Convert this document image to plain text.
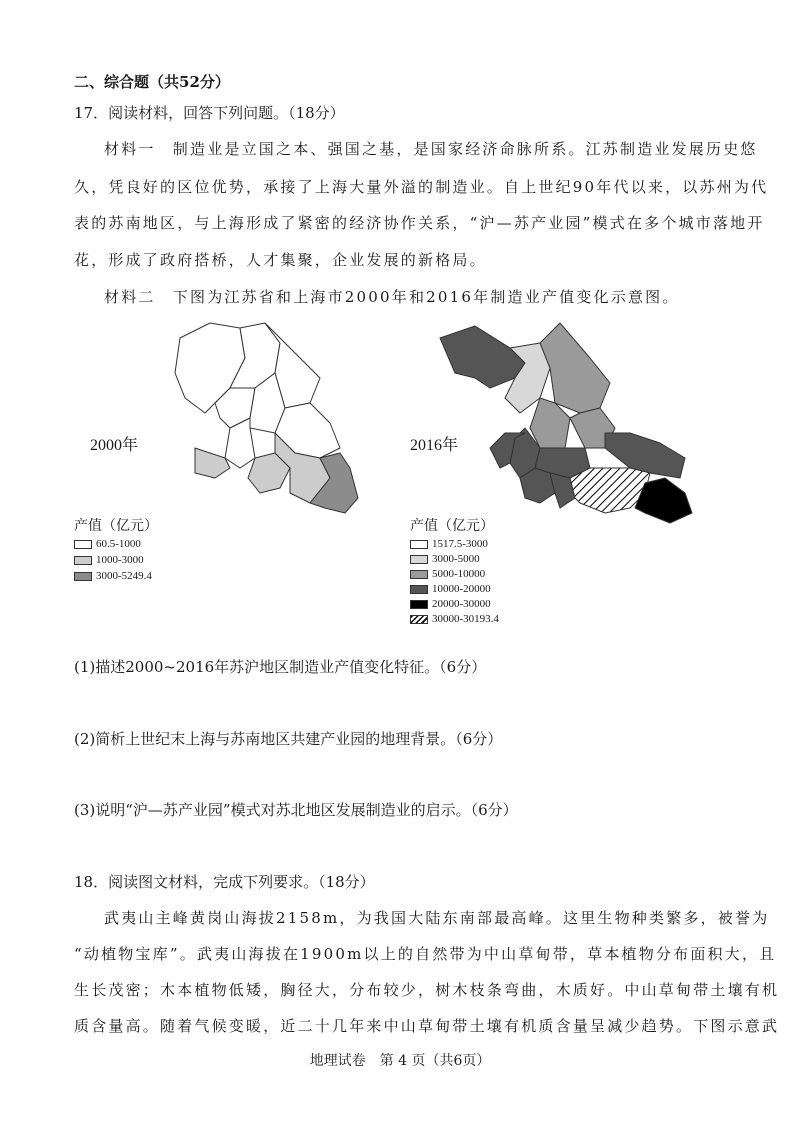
二、综合题（共52分）
17．阅读材料，回答下列问题。（18分）
材料一　制造业是立国之本、强国之基，是国家经济命脉所系。江苏制造业发展历史悠
久，凭良好的区位优势，承接了上海大量外溢的制造业。自上世纪90年代以来，以苏州为代
表的苏南地区，与上海形成了紧密的经济协作关系，“沪—苏产业园”模式在多个城市落地开
花，形成了政府搭桥，人才集聚，企业发展的新格局。
材料二　下图为江苏省和上海市2000年和2016年制造业产值变化示意图。
2000年
产值（亿元）
60.5-1000
1000-3000
3000-5249.4
2016年
产值（亿元）
1517.5-3000
3000-5000
5000-10000
10000-20000
20000-30000
30000-30193.4
(1)描述2000~2016年苏沪地区制造业产值变化特征。（6分）
(2)简析上世纪末上海与苏南地区共建产业园的地理背景。（6分）
(3)说明“沪—苏产业园”模式对苏北地区发展制造业的启示。（6分）
18．阅读图文材料，完成下列要求。（18分）
武夷山主峰黄岗山海拔2158m，为我国大陆东南部最高峰。这里生物种类繁多，被誉为
“动植物宝库”。武夷山海拔在1900m以上的自然带为中山草甸带，草本植物分布面积大，且
生长茂密；木本植物低矮，胸径大，分布较少，树木枝条弯曲，木质好。中山草甸带土壤有机
质含量高。随着气候变暖，近二十几年来中山草甸带土壤有机质含量呈减少趋势。下图示意武
地理试卷　第 4 页（共6页）
